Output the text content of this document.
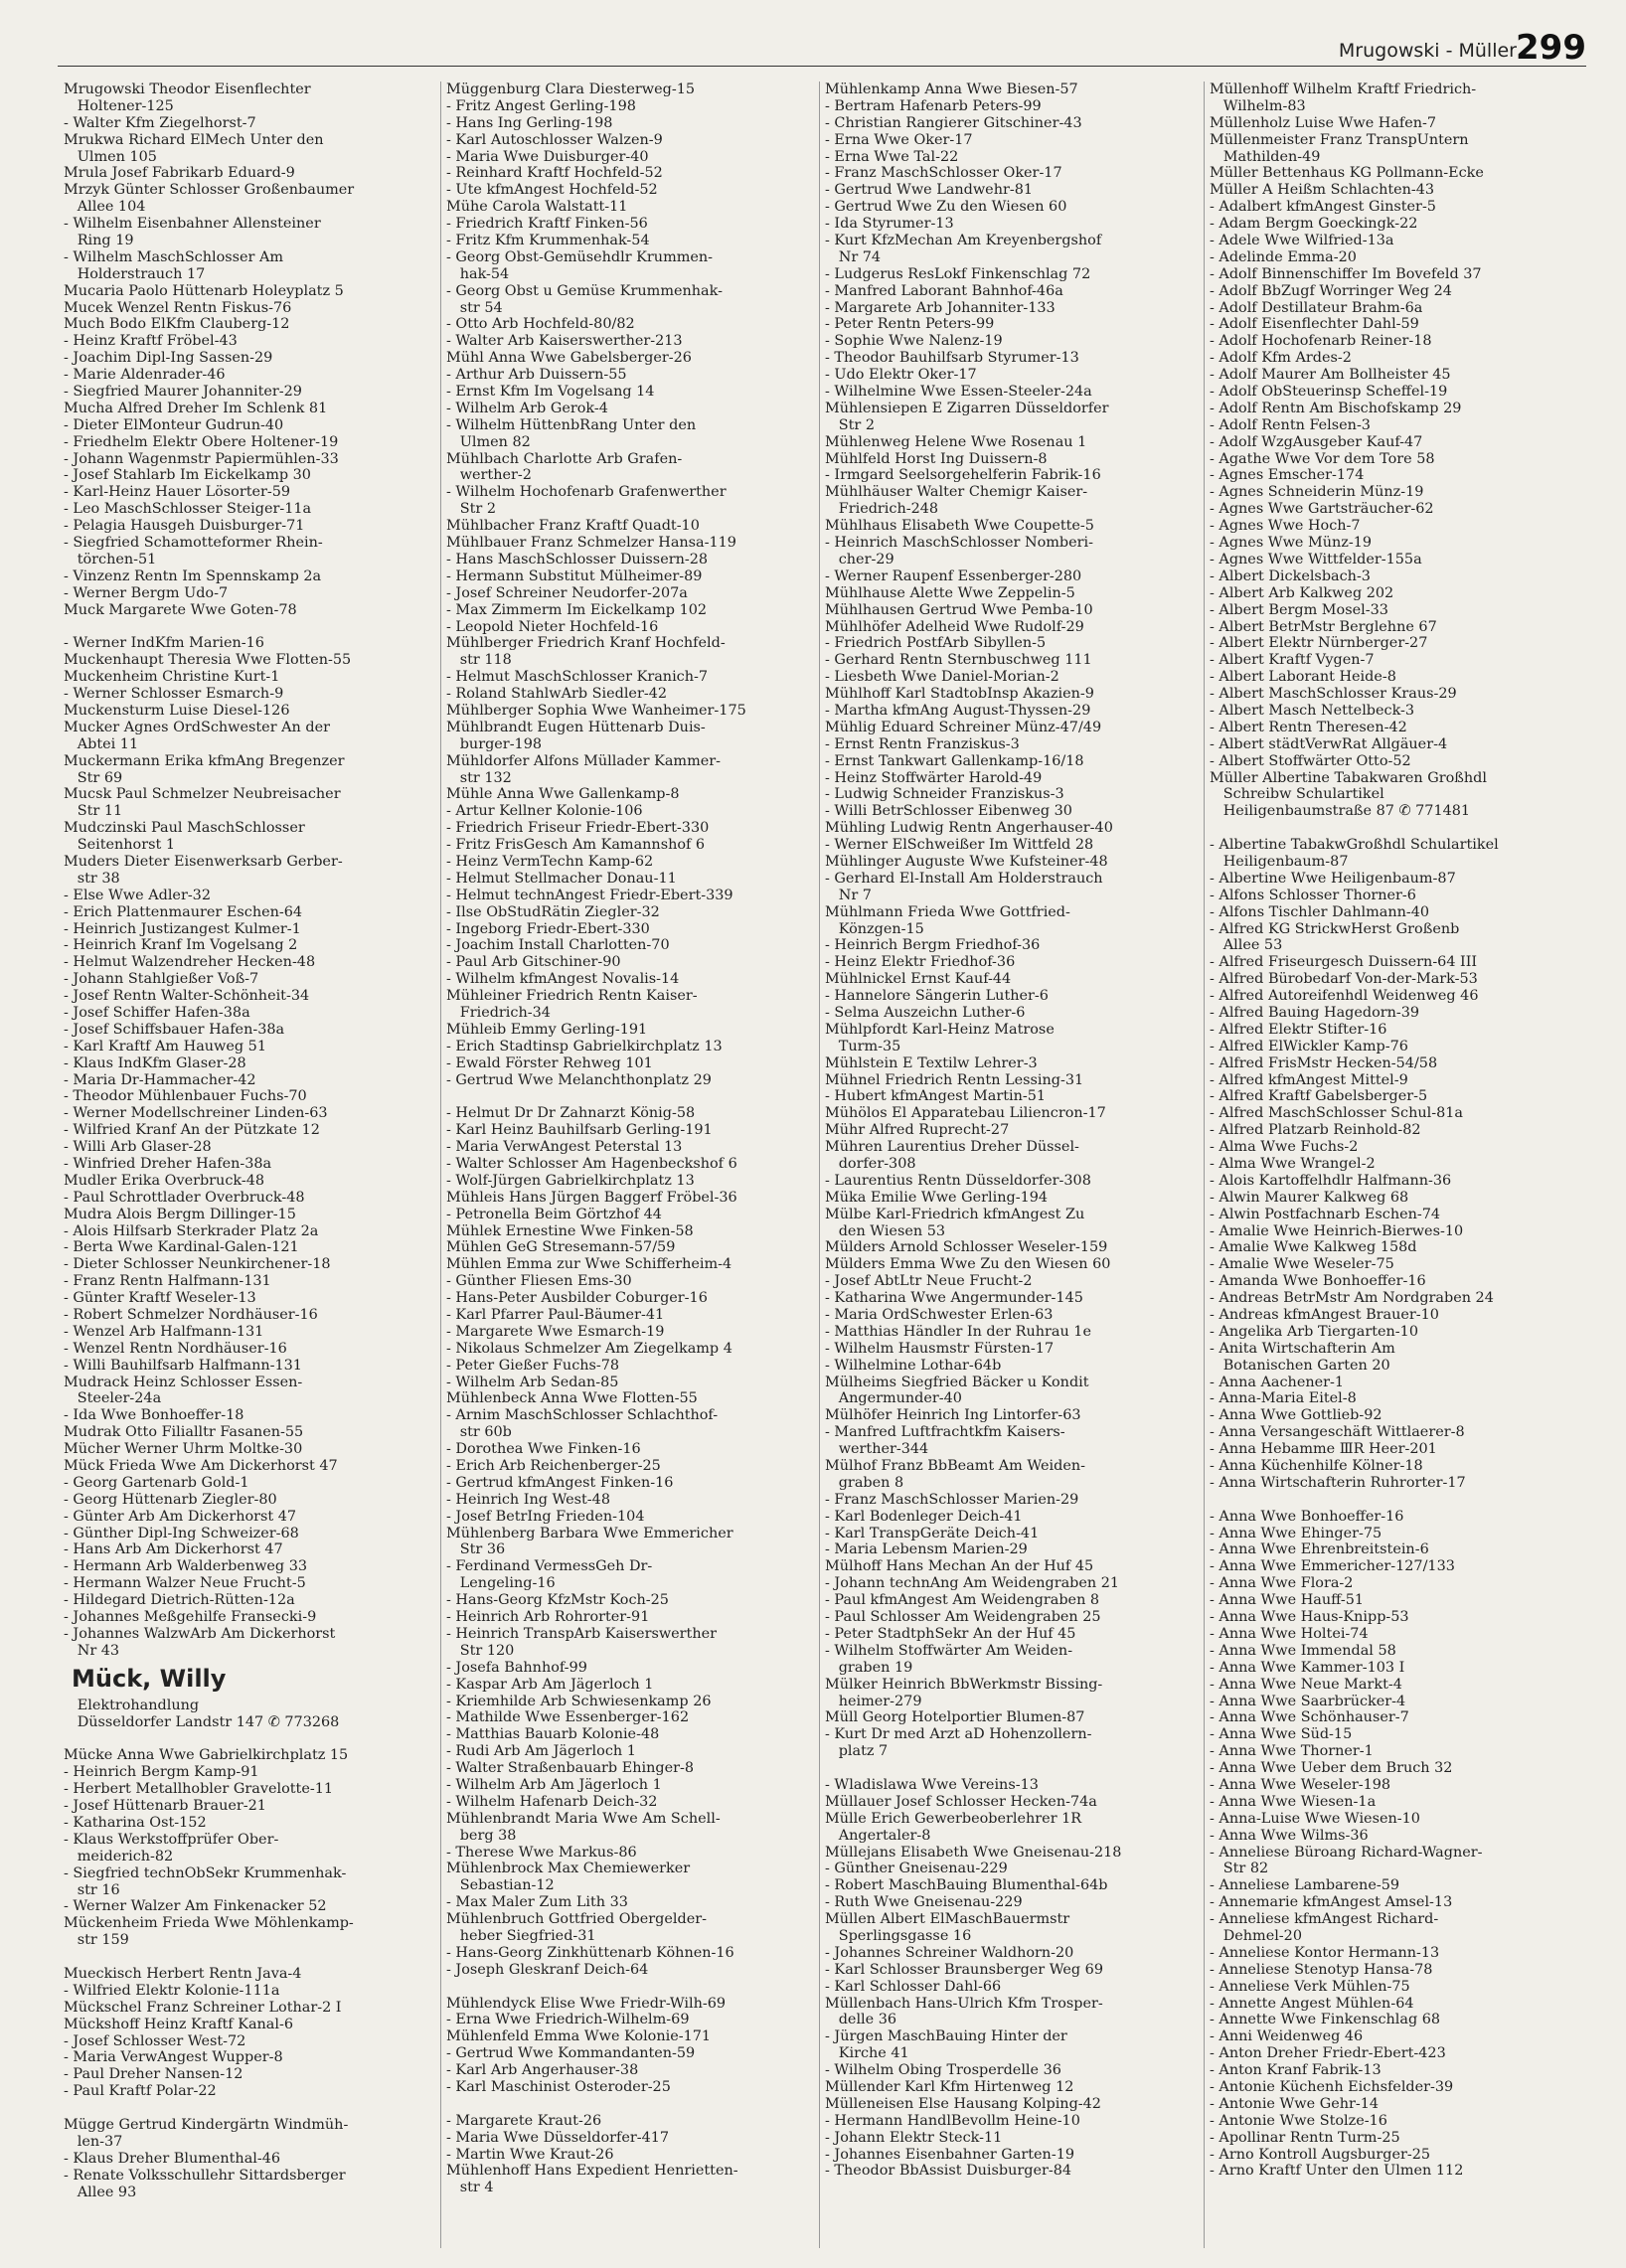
Mrugowski - Müller 299
Mrugowski Theodor Eisenflechter
Holtener-125
- Walter Kfm Ziegelhorst-7
Mrukwa Richard ElMech Unter den
Ulmen 105
Mrula Josef Fabrikarb Eduard-9
Mrzyk Günter Schlosser Großenbaumer
Allee 104
- Wilhelm Eisenbahner Allensteiner
Ring 19
- Wilhelm MaschSchlosser Am
Holderstrauch 17
Mucaria Paolo Hüttenarb Holeyplatz 5
Mucek Wenzel Rentn Fiskus-76
Much Bodo ElKfm Clauberg-12
- Heinz Kraftf Fröbel-43
- Joachim Dipl-Ing Sassen-29
- Marie Aldenrader-46
- Siegfried Maurer Johanniter-29
Mucha Alfred Dreher Im Schlenk 81
- Dieter ElMonteur Gudrun-40
- Friedhelm Elektr Obere Holtener-19
- Johann Wagenmstr Papiermühlen-33
- Josef Stahlarb Im Eickelkamp 30
- Karl-Heinz Hauer Lösorter-59
- Leo MaschSchlosser Steiger-11a
- Pelagia Hausgeh Duisburger-71
- Siegfried Schamotteformer Rhein-
törchen-51
- Vinzenz Rentn Im Spennskamp 2a
- Werner Bergm Udo-7
Muck Margarete Wwe Goten-78
- Werner IndKfm Marien-16
Muckenhaupt Theresia Wwe Flotten-55
Muckenheim Christine Kurt-1
- Werner Schlosser Esmarch-9
Muckensturm Luise Diesel-126
Mucker Agnes OrdSchwester An der
Abtei 11
Muckermann Erika kfmAng Bregenzer
Str 69
Mucsk Paul Schmelzer Neubreisacher
Str 11
Mudczinski Paul MaschSchlosser
Seitenhorst 1
Muders Dieter Eisenwerksarb Gerber-
str 38
- Else Wwe Adler-32
- Erich Plattenmaurer Eschen-64
- Heinrich Justizangest Kulmer-1
- Heinrich Kranf Im Vogelsang 2
- Helmut Walzendreher Hecken-48
- Johann Stahlgießer Voß-7
- Josef Rentn Walter-Schönheit-34
- Josef Schiffer Hafen-38a
- Josef Schiffsbauer Hafen-38a
- Karl Kraftf Am Hauweg 51
- Klaus IndKfm Glaser-28
- Maria Dr-Hammacher-42
- Theodor Mühlenbauer Fuchs-70
- Werner Modellschreiner Linden-63
- Wilfried Kranf An der Pützkate 12
- Willi Arb Glaser-28
- Winfried Dreher Hafen-38a
Mudler Erika Overbruck-48
- Paul Schrottlader Overbruck-48
Mudra Alois Bergm Dillinger-15
- Alois Hilfsarb Sterkrader Platz 2a
- Berta Wwe Kardinal-Galen-121
- Dieter Schlosser Neunkirchener-18
- Franz Rentn Halfmann-131
- Günter Kraftf Weseler-13
- Robert Schmelzer Nordhäuser-16
- Wenzel Arb Halfmann-131
- Wenzel Rentn Nordhäuser-16
- Willi Bauhilfsarb Halfmann-131
Mudrack Heinz Schlosser Essen-
Steeler-24a
- Ida Wwe Bonhoeffer-18
Mudrak Otto Filialltr Fasanen-55
Mücher Werner Uhrm Moltke-30
Mück Frieda Wwe Am Dickerhorst 47
- Georg Gartenarb Gold-1
- Georg Hüttenarb Ziegler-80
- Günter Arb Am Dickerhorst 47
- Günther Dipl-Ing Schweizer-68
- Hans Arb Am Dickerhorst 47
- Hermann Arb Walderbenweg 33
- Hermann Walzer Neue Frucht-5
- Hildegard Dietrich-Rütten-12a
- Johannes Meßgehilfe Fransecki-9
- Johannes WalzwArb Am Dickerhorst
Nr 43
Mück, Willy
Elektrohandlung
Düsseldorfer Landstr 147 ✆ 773268
Mücke Anna Wwe Gabrielkirchplatz 15
- Heinrich Bergm Kamp-91
- Herbert Metallhobler Gravelotte-11
- Josef Hüttenarb Brauer-21
- Katharina Ost-152
- Klaus Werkstoffprüfer Ober-
meiderich-82
- Siegfried technObSekr Krummenhak-
str 16
- Werner Walzer Am Finkenacker 52
Mückenheim Frieda Wwe Möhlenkamp-
str 159
Mueckisch Herbert Rentn Java-4
- Wilfried Elektr Kolonie-111a
Mückschel Franz Schreiner Lothar-2 I
Mückshoff Heinz Kraftf Kanal-6
- Josef Schlosser West-72
- Maria VerwAngest Wupper-8
- Paul Dreher Nansen-12
- Paul Kraftf Polar-22
Mügge Gertrud Kindergärtn Windmüh-
len-37
- Klaus Dreher Blumenthal-46
- Renate Volksschullehr Sittardsberger
Allee 93
Müggenburg Clara Diesterweg-15
- Fritz Angest Gerling-198
- Hans Ing Gerling-198
- Karl Autoschlosser Walzen-9
- Maria Wwe Duisburger-40
- Reinhard Kraftf Hochfeld-52
- Ute kfmAngest Hochfeld-52
Mühe Carola Walstatt-11
- Friedrich Kraftf Finken-56
- Fritz Kfm Krummenhak-54
- Georg Obst-Gemüsehdlr Krummen-
hak-54
- Georg Obst u Gemüse Krummenhak-
str 54
- Otto Arb Hochfeld-80/82
- Walter Arb Kaiserswerther-213
Mühl Anna Wwe Gabelsberger-26
- Arthur Arb Duissern-55
- Ernst Kfm Im Vogelsang 14
- Wilhelm Arb Gerok-4
- Wilhelm HüttenbRang Unter den
Ulmen 82
Mühlbach Charlotte Arb Grafen-
werther-2
- Wilhelm Hochofenarb Grafenwerther
Str 2
Mühlbacher Franz Kraftf Quadt-10
Mühlbauer Franz Schmelzer Hansa-119
- Hans MaschSchlosser Duissern-28
- Hermann Substitut Mülheimer-89
- Josef Schreiner Neudorfer-207a
- Max Zimmerm Im Eickelkamp 102
- Leopold Nieter Hochfeld-16
Mühlberger Friedrich Kranf Hochfeld-
str 118
- Helmut MaschSchlosser Kranich-7
- Roland StahlwArb Siedler-42
Mühlberger Sophia Wwe Wanheimer-175
Mühlbrandt Eugen Hüttenarb Duis-
burger-198
Mühldorfer Alfons Müllader Kammer-
str 132
Mühle Anna Wwe Gallenkamp-8
- Artur Kellner Kolonie-106
- Friedrich Friseur Friedr-Ebert-330
- Fritz FrisGesch Am Kamannshof 6
- Heinz VermTechn Kamp-62
- Helmut Stellmacher Donau-11
- Helmut technAngest Friedr-Ebert-339
- Ilse ObStudRätin Ziegler-32
- Ingeborg Friedr-Ebert-330
- Joachim Install Charlotten-70
- Paul Arb Gitschiner-90
- Wilhelm kfmAngest Novalis-14
Mühleiner Friedrich Rentn Kaiser-
Friedrich-34
Mühleib Emmy Gerling-191
- Erich Stadtinsp Gabrielkirchplatz 13
- Ewald Förster Rehweg 101
- Gertrud Wwe Melanchthonplatz 29
- Helmut Dr Dr Zahnarzt König-58
- Karl Heinz Bauhilfsarb Gerling-191
- Maria VerwAngest Peterstal 13
- Walter Schlosser Am Hagenbeckshof 6
- Wolf-Jürgen Gabrielkirchplatz 13
Mühleis Hans Jürgen Baggerf Fröbel-36
- Petronella Beim Görtzhof 44
Mühlek Ernestine Wwe Finken-58
Mühlen GeG Stresemann-57/59
Mühlen Emma zur Wwe Schifferheim-4
- Günther Fliesen Ems-30
- Hans-Peter Ausbilder Coburger-16
- Karl Pfarrer Paul-Bäumer-41
- Margarete Wwe Esmarch-19
- Nikolaus Schmelzer Am Ziegelkamp 4
- Peter Gießer Fuchs-78
- Wilhelm Arb Sedan-85
Mühlenbeck Anna Wwe Flotten-55
- Arnim MaschSchlosser Schlachthof-
str 60b
- Dorothea Wwe Finken-16
- Erich Arb Reichenberger-25
- Gertrud kfmAngest Finken-16
- Heinrich Ing West-48
- Josef BetrIng Frieden-104
Mühlenberg Barbara Wwe Emmericher
Str 36
- Ferdinand VermessGeh Dr-
Lengeling-16
- Hans-Georg KfzMstr Koch-25
- Heinrich Arb Rohrorter-91
- Heinrich TranspArb Kaiserswerther
Str 120
- Josefa Bahnhof-99
- Kaspar Arb Am Jägerloch 1
- Kriemhilde Arb Schwiesenkamp 26
- Mathilde Wwe Essenberger-162
- Matthias Bauarb Kolonie-48
- Rudi Arb Am Jägerloch 1
- Walter Straßenbauarb Ehinger-8
- Wilhelm Arb Am Jägerloch 1
- Wilhelm Hafenarb Deich-32
Mühlenbrandt Maria Wwe Am Schell-
berg 38
- Therese Wwe Markus-86
Mühlenbrock Max Chemiewerker
Sebastian-12
- Max Maler Zum Lith 33
Mühlenbruch Gottfried Obergelder-
heber Siegfried-31
- Hans-Georg Zinkhüttenarb Köhnen-16
- Joseph Gleskranf Deich-64
Mühlendyck Elise Wwe Friedr-Wilh-69
- Erna Wwe Friedrich-Wilhelm-69
Mühlenfeld Emma Wwe Kolonie-171
- Gertrud Wwe Kommandanten-59
- Karl Arb Angerhauser-38
- Karl Maschinist Osteroder-25
- Margarete Kraut-26
- Maria Wwe Düsseldorfer-417
- Martin Wwe Kraut-26
Mühlenhoff Hans Expedient Henrietten-
str 4
Mühlenkamp Anna Wwe Biesen-57
- Bertram Hafenarb Peters-99
- Christian Rangierer Gitschiner-43
- Erna Wwe Oker-17
- Erna Wwe Tal-22
- Franz MaschSchlosser Oker-17
- Gertrud Wwe Landwehr-81
- Gertrud Wwe Zu den Wiesen 60
- Ida Styrumer-13
- Kurt KfzMechan Am Kreyenbergshof
Nr 74
- Ludgerus ResLokf Finkenschlag 72
- Manfred Laborant Bahnhof-46a
- Margarete Arb Johanniter-133
- Peter Rentn Peters-99
- Sophie Wwe Nalenz-19
- Theodor Bauhilfsarb Styrumer-13
- Udo Elektr Oker-17
- Wilhelmine Wwe Essen-Steeler-24a
Mühlensiepen E Zigarren Düsseldorfer
Str 2
Mühlenweg Helene Wwe Rosenau 1
Mühlfeld Horst Ing Duissern-8
- Irmgard Seelsorgehelferin Fabrik-16
Mühlhäuser Walter Chemigr Kaiser-
Friedrich-248
Mühlhaus Elisabeth Wwe Coupette-5
- Heinrich MaschSchlosser Nomberi-
cher-29
- Werner Raupenf Essenberger-280
Mühlhause Alette Wwe Zeppelin-5
Mühlhausen Gertrud Wwe Pemba-10
Mühlhöfer Adelheid Wwe Rudolf-29
- Friedrich PostfArb Sibyllen-5
- Gerhard Rentn Sternbuschweg 111
- Liesbeth Wwe Daniel-Morian-2
Mühlhoff Karl StadtobInsp Akazien-9
- Martha kfmAng August-Thyssen-29
Mühlig Eduard Schreiner Münz-47/49
- Ernst Rentn Franziskus-3
- Ernst Tankwart Gallenkamp-16/18
- Heinz Stoffwärter Harold-49
- Ludwig Schneider Franziskus-3
- Willi BetrSchlosser Eibenweg 30
Mühling Ludwig Rentn Angerhauser-40
- Werner ElSchweißer Im Wittfeld 28
Mühlinger Auguste Wwe Kufsteiner-48
- Gerhard El-Install Am Holderstrauch
Nr 7
Mühlmann Frieda Wwe Gottfried-
Könzgen-15
- Heinrich Bergm Friedhof-36
- Heinz Elektr Friedhof-36
Mühlnickel Ernst Kauf-44
- Hannelore Sängerin Luther-6
- Selma Auszeichn Luther-6
Mühlpfordt Karl-Heinz Matrose
Turm-35
Mühlstein E Textilw Lehrer-3
Mühnel Friedrich Rentn Lessing-31
- Hubert kfmAngest Martin-51
Mühölos El Apparatebau Liliencron-17
Mühr Alfred Ruprecht-27
Mühren Laurentius Dreher Düssel-
dorfer-308
- Laurentius Rentn Düsseldorfer-308
Müka Emilie Wwe Gerling-194
Mülbe Karl-Friedrich kfmAngest Zu
den Wiesen 53
Mülders Arnold Schlosser Weseler-159
Mülders Emma Wwe Zu den Wiesen 60
- Josef AbtLtr Neue Frucht-2
- Katharina Wwe Angermunder-145
- Maria OrdSchwester Erlen-63
- Matthias Händler In der Ruhrau 1e
- Wilhelm Hausmstr Fürsten-17
- Wilhelmine Lothar-64b
Mülheims Siegfried Bäcker u Kondit
Angermunder-40
Mülhöfer Heinrich Ing Lintorfer-63
- Manfred Luftfrachtkfm Kaisers-
werther-344
Mülhof Franz BbBeamt Am Weiden-
graben 8
- Franz MaschSchlosser Marien-29
- Karl Bodenleger Deich-41
- Karl TranspGeräte Deich-41
- Maria Lebensm Marien-29
Mülhoff Hans Mechan An der Huf 45
- Johann technAng Am Weidengraben 21
- Paul kfmAngest Am Weidengraben 8
- Paul Schlosser Am Weidengraben 25
- Peter StadtphSekr An der Huf 45
- Wilhelm Stoffwärter Am Weiden-
graben 19
Mülker Heinrich BbWerkmstr Bissing-
heimer-279
Müll Georg Hotelportier Blumen-87
- Kurt Dr med Arzt aD Hohenzollern-
platz 7
- Wladislawa Wwe Vereins-13
Müllauer Josef Schlosser Hecken-74a
Mülle Erich Gewerbeoberlehrer 1R
Angertaler-8
Müllejans Elisabeth Wwe Gneisenau-218
- Günther Gneisenau-229
- Robert MaschBauing Blumenthal-64b
- Ruth Wwe Gneisenau-229
Müllen Albert ElMaschBauermstr
Sperlingsgasse 16
- Johannes Schreiner Waldhorn-20
- Karl Schlosser Braunsberger Weg 69
- Karl Schlosser Dahl-66
Müllenbach Hans-Ulrich Kfm Trosper-
delle 36
- Jürgen MaschBauing Hinter der
Kirche 41
- Wilhelm Obing Trosperdelle 36
Müllender Karl Kfm Hirtenweg 12
Mülleneisen Else Hausang Kolping-42
- Hermann HandlBevollm Heine-10
- Johann Elektr Steck-11
- Johannes Eisenbahner Garten-19
- Theodor BbAssist Duisburger-84
Müllenhoff Wilhelm Kraftf Friedrich-
Wilhelm-83
Müllenholz Luise Wwe Hafen-7
Müllenmeister Franz TranspUntern
Mathilden-49
Müller Bettenhaus KG Pollmann-Ecke
Müller A Heißm Schlachten-43
- Adalbert kfmAngest Ginster-5
- Adam Bergm Goeckingk-22
- Adele Wwe Wilfried-13a
- Adelinde Emma-20
- Adolf Binnenschiffer Im Bovefeld 37
- Adolf BbZugf Worringer Weg 24
- Adolf Destillateur Brahm-6a
- Adolf Eisenflechter Dahl-59
- Adolf Hochofenarb Reiner-18
- Adolf Kfm Ardes-2
- Adolf Maurer Am Bollheister 45
- Adolf ObSteuerinsp Scheffel-19
- Adolf Rentn Am Bischofskamp 29
- Adolf Rentn Felsen-3
- Adolf WzgAusgeber Kauf-47
- Agathe Wwe Vor dem Tore 58
- Agnes Emscher-174
- Agnes Schneiderin Münz-19
- Agnes Wwe Gartsträucher-62
- Agnes Wwe Hoch-7
- Agnes Wwe Münz-19
- Agnes Wwe Wittfelder-155a
- Albert Dickelsbach-3
- Albert Arb Kalkweg 202
- Albert Bergm Mosel-33
- Albert BetrMstr Berglehne 67
- Albert Elektr Nürnberger-27
- Albert Kraftf Vygen-7
- Albert Laborant Heide-8
- Albert MaschSchlosser Kraus-29
- Albert Masch Nettelbeck-3
- Albert Rentn Theresen-42
- Albert städtVerwRat Allgäuer-4
- Albert Stoffwärter Otto-52
Müller Albertine Tabakwaren Großhdl
Schreibw Schulartikel
Heiligenbaumstraße 87 ✆ 771481
- Albertine TabakwGroßhdl Schulartikel
Heiligenbaum-87
- Albertine Wwe Heiligenbaum-87
- Alfons Schlosser Thorner-6
- Alfons Tischler Dahlmann-40
- Alfred KG StrickwHerst Großenb
Allee 53
- Alfred Friseurgesch Duissern-64 III
- Alfred Bürobedarf Von-der-Mark-53
- Alfred Autoreifenhdl Weidenweg 46
- Alfred Bauing Hagedorn-39
- Alfred Elektr Stifter-16
- Alfred ElWickler Kamp-76
- Alfred FrisMstr Hecken-54/58
- Alfred kfmAngest Mittel-9
- Alfred Kraftf Gabelsberger-5
- Alfred MaschSchlosser Schul-81a
- Alfred Platzarb Reinhold-82
- Alma Wwe Fuchs-2
- Alma Wwe Wrangel-2
- Alois Kartoffelhdlr Halfmann-36
- Alwin Maurer Kalkweg 68
- Alwin Postfachnarb Eschen-74
- Amalie Wwe Heinrich-Bierwes-10
- Amalie Wwe Kalkweg 158d
- Amalie Wwe Weseler-75
- Amanda Wwe Bonhoeffer-16
- Andreas BetrMstr Am Nordgraben 24
- Andreas kfmAngest Brauer-10
- Angelika Arb Tiergarten-10
- Anita Wirtschafterin Am
Botanischen Garten 20
- Anna Aachener-1
- Anna-Maria Eitel-8
- Anna Wwe Gottlieb-92
- Anna Versangeschäft Wittlaerer-8
- Anna Hebamme ⅢR Heer-201
- Anna Küchenhilfe Kölner-18
- Anna Wirtschafterin Ruhrorter-17
- Anna Wwe Bonhoeffer-16
- Anna Wwe Ehinger-75
- Anna Wwe Ehrenbreitstein-6
- Anna Wwe Emmericher-127/133
- Anna Wwe Flora-2
- Anna Wwe Hauff-51
- Anna Wwe Haus-Knipp-53
- Anna Wwe Holtei-74
- Anna Wwe Immendal 58
- Anna Wwe Kammer-103 I
- Anna Wwe Neue Markt-4
- Anna Wwe Saarbrücker-4
- Anna Wwe Schönhauser-7
- Anna Wwe Süd-15
- Anna Wwe Thorner-1
- Anna Wwe Ueber dem Bruch 32
- Anna Wwe Weseler-198
- Anna Wwe Wiesen-1a
- Anna-Luise Wwe Wiesen-10
- Anna Wwe Wilms-36
- Anneliese Büroang Richard-Wagner-
Str 82
- Anneliese Lambarene-59
- Annemarie kfmAngest Amsel-13
- Anneliese kfmAngest Richard-
Dehmel-20
- Anneliese Kontor Hermann-13
- Anneliese Stenotyp Hansa-78
- Anneliese Verk Mühlen-75
- Annette Angest Mühlen-64
- Annette Wwe Finkenschlag 68
- Anni Weidenweg 46
- Anton Dreher Friedr-Ebert-423
- Anton Kranf Fabrik-13
- Antonie Küchenh Eichsfelder-39
- Antonie Wwe Gehr-14
- Antonie Wwe Stolze-16
- Apollinar Rentn Turm-25
- Arno Kontroll Augsburger-25
- Arno Kraftf Unter den Ulmen 112
